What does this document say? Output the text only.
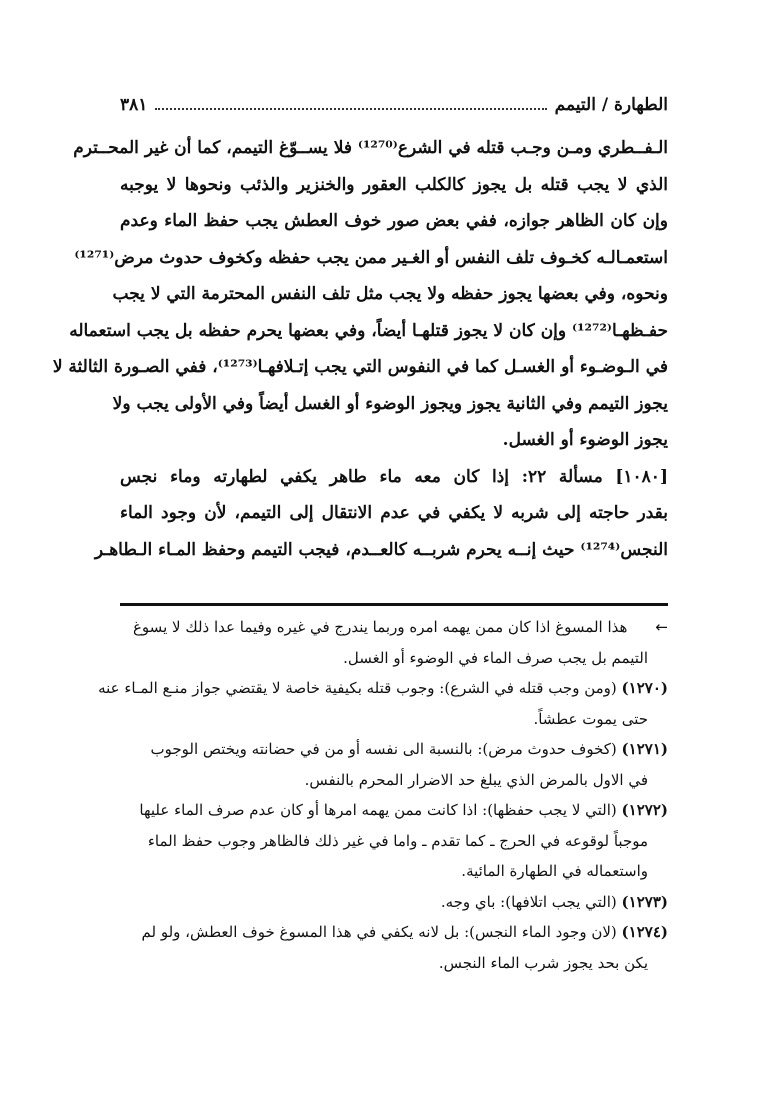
الطهارة / التيمم
٣٨١
الـفــطري ومـن وجـب قتله في الشرع⁽¹²⁷⁰⁾ فلا يســوّغ التيمم، كما أن غير المحــترم
الذي لا يجب قتله بل يجوز كالكلب العقور والخنزير والذئب ونحوها لا يوجبه
وإن كان الظاهر جوازه، ففي بعض صور خوف العطش يجب حفظ الماء وعدم
استعمـالـه كخـوف تلف النفس أو الغـير ممن يجب حفظه وكخوف حدوث مرض⁽¹²⁷¹⁾
ونحوه، وفي بعضها يجوز حفظه ولا يجب مثل تلف النفس المحترمة التي لا يجب
حفـظهـا⁽¹²⁷²⁾ وإن كان لا يجوز قتلهـا أيضاً، وفي بعضها يحرم حفظه بل يجب استعماله
في الـوضـوء أو الغسـل كما في النفوس التي يجب إتـلافهـا⁽¹²⁷³⁾، ففي الصـورة الثالثة لا
يجوز التيمم وفي الثانية يجوز ويجوز الوضوء أو الغسل أيضاً وفي الأولى يجب ولا
يجوز الوضوء أو الغسل.
[١٠٨٠] مسألة ٢٢: إذا كان معه ماء طاهر يكفي لطهارته وماء نجس
بقدر حاجته إلى شربه لا يكفي في عدم الانتقال إلى التيمم، لأن وجود الماء
النجس⁽¹²⁷⁴⁾ حيث إنــه يحرم شربــه كالعــدم، فيجب التيمم وحفظ المـاء الـطاهـر
←هذا المسوغ اذا كان ممن يهمه امره وربما يندرج في غيره وفيما عدا ذلك لا يسوغ
التيمم بل يجب صرف الماء في الوضوء أو الغسل.
(١٢٧٠) (ومن وجب قتله في الشرع): وجوب قتله بكيفية خاصة لا يقتضي جواز منـع المـاء عنه
حتى يموت عطشاً.
(١٢٧١) (كخوف حدوث مرض): بالنسبة الى نفسه أو من في حضانته ويختص الوجوب
في الاول بالمرض الذي يبلغ حد الاضرار المحرم بالنفس.
(١٢٧٢) (التي لا يجب حفظها): اذا كانت ممن يهمه امرها أو كان عدم صرف الماء عليها
موجباً لوقوعه في الحرج ـ كما تقدم ـ واما في غير ذلك فالظاهر وجوب حفظ الماء
واستعماله في الطهارة المائية.
(١٢٧٣) (التي يجب اتلافها): باي وجه.
(١٢٧٤) (لان وجود الماء النجس): بل لانه يكفي في هذا المسوغ خوف العطش، ولو لم
يكن بحد يجوز شرب الماء النجس.
